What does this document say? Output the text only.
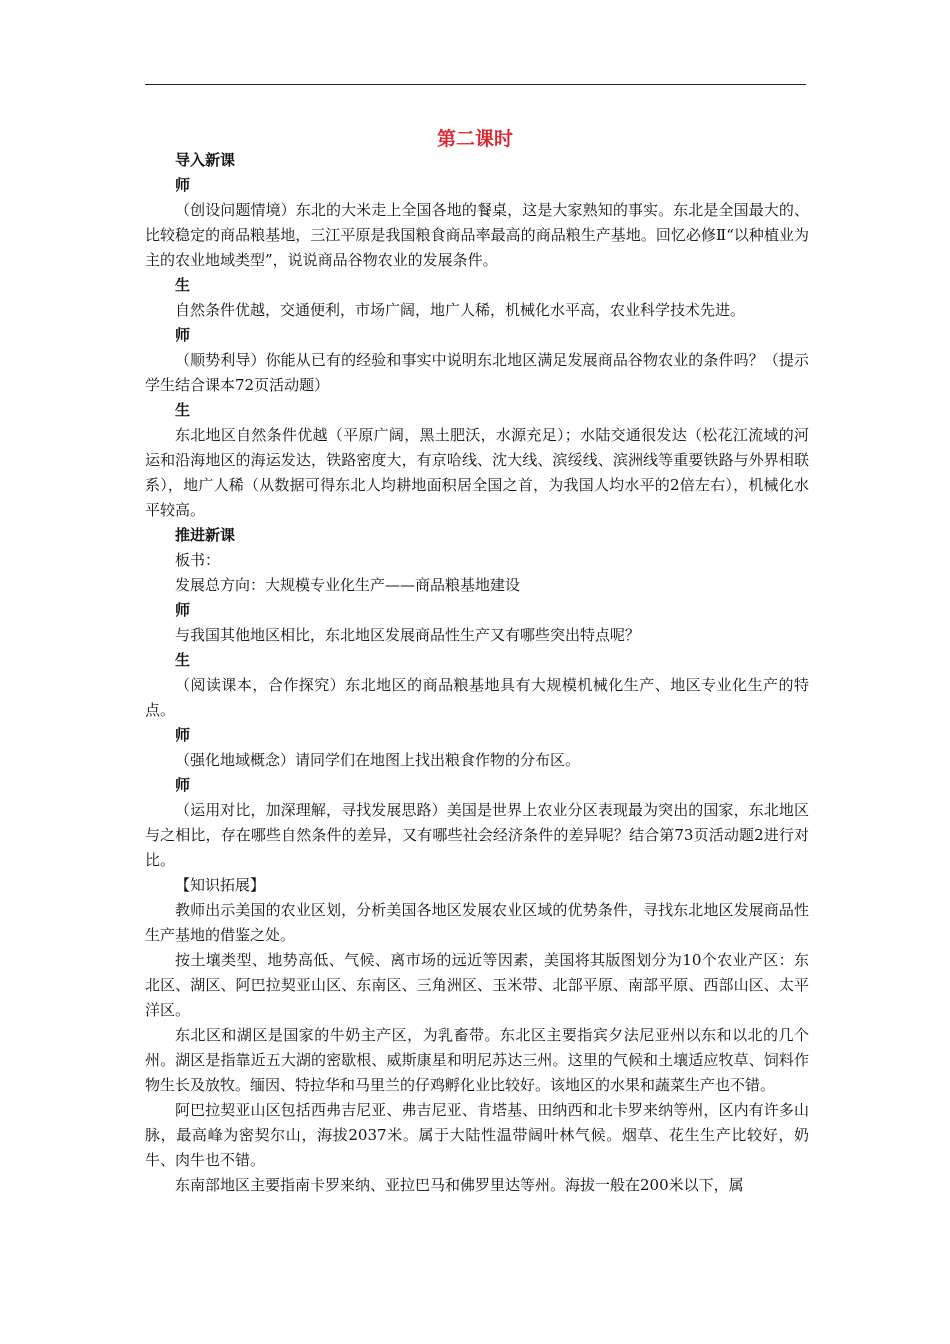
第二课时

导入新课

师

（创设问题情境）东北的大米走上全国各地的餐桌，这是大家熟知的事实。东北是全国最大的、比较稳定的商品粮基地，三江平原是我国粮食商品率最高的商品粮生产基地。回忆必修Ⅱ“以种植业为主的农业地域类型”，说说商品谷物农业的发展条件。

生

自然条件优越，交通便利，市场广阔，地广人稀，机械化水平高，农业科学技术先进。

师

（顺势利导）你能从已有的经验和事实中说明东北地区满足发展商品谷物农业的条件吗？（提示学生结合课本72页活动题）

生

东北地区自然条件优越（平原广阔，黑土肥沃，水源充足）；水陆交通很发达（松花江流域的河运和沿海地区的海运发达，铁路密度大，有京哈线、沈大线、滨绥线、滨洲线等重要铁路与外界相联系），地广人稀（从数据可得东北人均耕地面积居全国之首，为我国人均水平的2倍左右），机械化水平较高。

推进新课

板书：

发展总方向：大规模专业化生产——商品粮基地建设

师

与我国其他地区相比，东北地区发展商品性生产又有哪些突出特点呢？

生

（阅读课本，合作探究）东北地区的商品粮基地具有大规模机械化生产、地区专业化生产的特点。

师

（强化地域概念）请同学们在地图上找出粮食作物的分布区。

师

（运用对比，加深理解，寻找发展思路）美国是世界上农业分区表现最为突出的国家，东北地区与之相比，存在哪些自然条件的差异，又有哪些社会经济条件的差异呢？结合第73页活动题2进行对比。

【知识拓展】

教师出示美国的农业区划，分析美国各地区发展农业区域的优势条件，寻找东北地区发展商品性生产基地的借鉴之处。

按土壤类型、地势高低、气候、离市场的远近等因素，美国将其版图划分为10个农业产区：东北区、湖区、阿巴拉契亚山区、东南区、三角洲区、玉米带、北部平原、南部平原、西部山区、太平洋区。

东北区和湖区是国家的牛奶主产区，为乳畜带。东北区主要指宾夕法尼亚州以东和以北的几个州。湖区是指靠近五大湖的密歇根、威斯康星和明尼苏达三州。这里的气候和土壤适应牧草、饲料作物生长及放牧。缅因、特拉华和马里兰的仔鸡孵化业比较好。该地区的水果和蔬菜生产也不错。

阿巴拉契亚山区包括西弗吉尼亚、弗吉尼亚、肯塔基、田纳西和北卡罗来纳等州，区内有许多山脉，最高峰为密契尔山，海拔2037米。属于大陆性温带阔叶林气候。烟草、花生生产比较好，奶牛、肉牛也不错。

东南部地区主要指南卡罗来纳、亚拉巴马和佛罗里达等州。海拔一般在200米以下，属
